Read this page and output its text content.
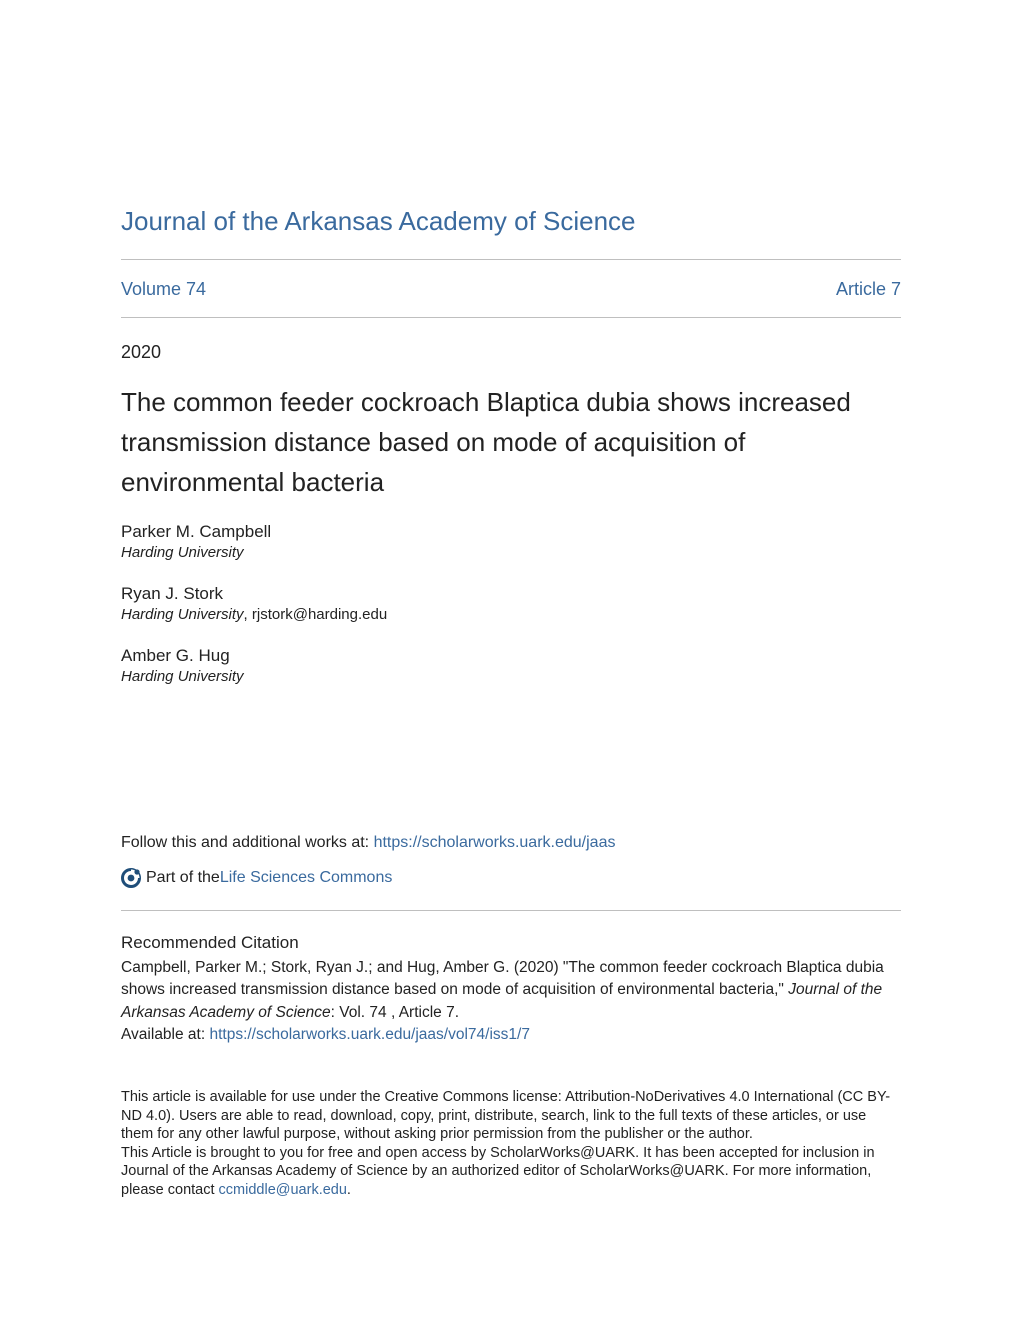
Journal of the Arkansas Academy of Science
Volume 74	Article 7
2020
The common feeder cockroach Blaptica dubia shows increased transmission distance based on mode of acquisition of environmental bacteria
Parker M. Campbell
Harding University
Ryan J. Stork
Harding University, rjstork@harding.edu
Amber G. Hug
Harding University
Follow this and additional works at: https://scholarworks.uark.edu/jaas
Part of the Life Sciences Commons
Recommended Citation
Campbell, Parker M.; Stork, Ryan J.; and Hug, Amber G. (2020) "The common feeder cockroach Blaptica dubia shows increased transmission distance based on mode of acquisition of environmental bacteria," Journal of the Arkansas Academy of Science: Vol. 74 , Article 7.
Available at: https://scholarworks.uark.edu/jaas/vol74/iss1/7
This article is available for use under the Creative Commons license: Attribution-NoDerivatives 4.0 International (CC BY-ND 4.0). Users are able to read, download, copy, print, distribute, search, link to the full texts of these articles, or use them for any other lawful purpose, without asking prior permission from the publisher or the author.
This Article is brought to you for free and open access by ScholarWorks@UARK. It has been accepted for inclusion in Journal of the Arkansas Academy of Science by an authorized editor of ScholarWorks@UARK. For more information, please contact ccmiddle@uark.edu.
